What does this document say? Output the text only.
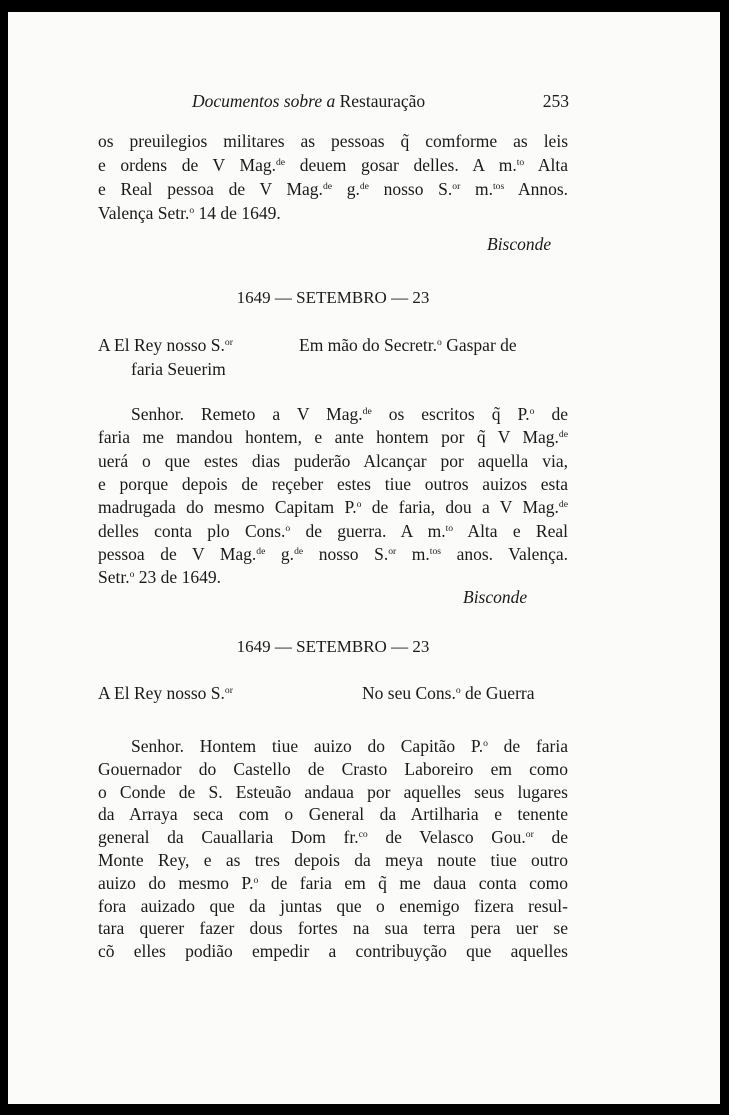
Documentos sobre a Restauração	253
os preuilegios militares as pessoas q̃ comforme as leis
e ordens de V Mag.$^{de}$ deuem gosar delles. A m.$^{to}$ Alta
e Real pessoa de V Mag.$^{de}$ g.$^{de}$ nosso S.$^{or}$ m.$^{tos}$ Annos.
Valença Setr.$^o$ 14 de 1649.
Bisconde
1649 — SETEMBRO — 23
A El Rey nosso S.$^{or}$	Em mão do Secretr.$^o$ Gaspar de
faria Seuerim
Senhor. Remeto a V Mag.$^{de}$ os escritos q̃ P.$^o$ de
faria me mandou hontem, e ante hontem por q̃ V Mag.$^{de}$
uerá o que estes dias puderão Alcançar por aquella via,
e porque depois de reçeber estes tiue outros auizos esta
madrugada do mesmo Capitam P.$^o$ de faria, dou a V Mag.$^{de}$
delles conta plo Cons.$^o$ de guerra. A m.$^{to}$ Alta e Real
pessoa de V Mag.$^{de}$ g.$^{de}$ nosso S.$^{or}$ m.$^{tos}$ anos. Valença.
Setr.$^o$ 23 de 1649.
Bisconde
1649 — SETEMBRO — 23
A El Rey nosso S.$^{or}$	No seu Cons.$^o$ de Guerra
Senhor. Hontem tiue auizo do Capitão P.$^o$ de faria
Gouernador do Castello de Crasto Laboreiro em como
o Conde de S. Esteuão andaua por aquelles seus lugares
da Arraya seca com o General da Artilharia e tenente
general da Cauallaria Dom fr.$^{co}$ de Velasco Gou.$^{or}$ de
Monte Rey, e as tres depois da meya noute tiue outro
auizo do mesmo P.$^o$ de faria em q̃ me daua conta como
fora auizado que da juntas que o enemigo fizera resul-
tara querer fazer dous fortes na sua terra pera uer se
cõ elles podião empedir a contribuyção que aquelles
